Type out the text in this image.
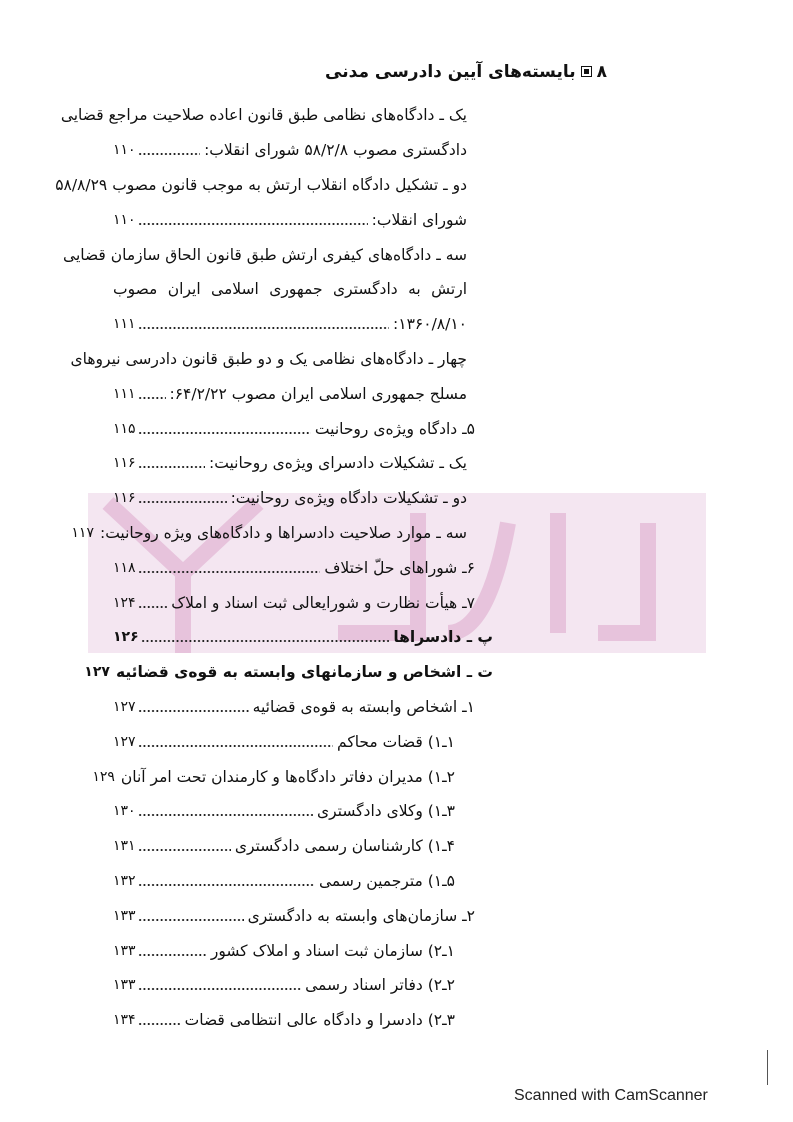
۸بایسته‌های آیین دادرسی مدنی
یک ـ دادگاه‌های نظامی طبق قانون اعاده صلاحیت مراجع قضایی
دادگستری مصوب ۵۸/۲/۸ شورای انقلاب:
۱۱۰
دو ـ تشکیل دادگاه انقلاب ارتش به موجب قانون مصوب ۵۸/۸/۲۹
شورای انقلاب:
۱۱۰
سه ـ دادگاه‌های کیفری ارتش طبق قانون الحاق سازمان قضایی
ارتش به دادگستری جمهوری اسلامی ایران مصوب
۱۳۶۰/۸/۱۰:
۱۱۱
چهار ـ دادگاه‌های نظامی یک و دو طبق قانون دادرسی نیروهای
مسلح جمهوری اسلامی ایران مصوب ۶۴/۲/۲۲:
۱۱۱
۵ـ دادگاه ویژه‌ی روحانیت
۱۱۵
یک ـ تشکیلات دادسرای ویژه‌ی روحانیت:
۱۱۶
دو ـ تشکیلات دادگاه ویژه‌ی روحانیت:
۱۱۶
سه ـ موارد صلاحیت دادسراها و دادگاه‌های ویژه روحانیت:
۱۱۷
۶ـ شوراهای حلّ اختلاف
۱۱۸
۷ـ هیأت نظارت و شورایعالی ثبت اسناد و املاک
۱۲۴
پ ـ دادسراها
۱۲۶
ت ـ اشخاص و سازمانهای وابسته به قوه‌ی قضائیه
۱۲۷
۱ـ اشخاص وابسته به قوه‌ی قضائیه
۱۲۷
۱ـ۱) قضات محاکم
۱۲۷
۲ـ۱) مدیران دفاتر دادگاه‌ها و کارمندان تحت امر آنان
۱۲۹
۳ـ۱) وکلای دادگستری
۱۳۰
۴ـ۱) کارشناسان رسمی دادگستری
۱۳۱
۵ـ۱) مترجمین رسمی
۱۳۲
۲ـ سازمان‌های وابسته به دادگستری
۱۳۳
۱ـ۲) سازمان ثبت اسناد و املاک کشور
۱۳۳
۲ـ۲) دفاتر اسناد رسمی
۱۳۳
۳ـ۲) دادسرا و دادگاه عالی انتظامی قضات
۱۳۴
Scanned with CamScanner
